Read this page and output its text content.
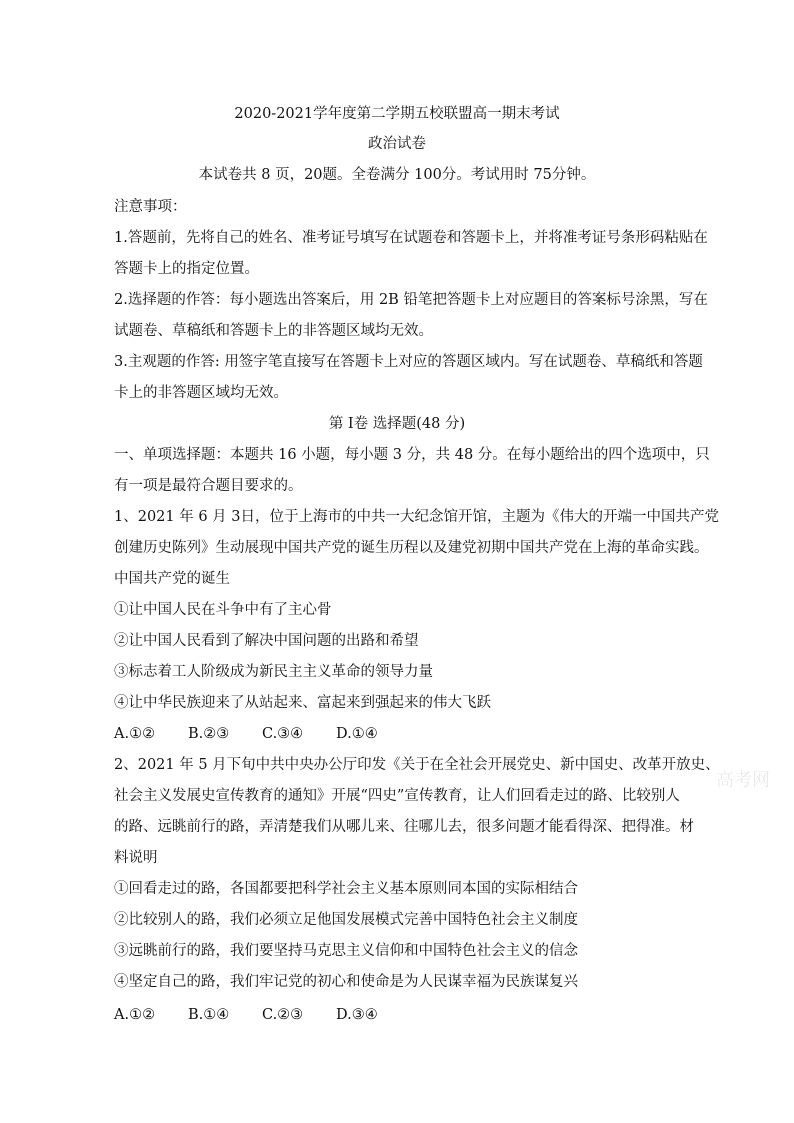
2020-2021学年度第二学期五校联盟高一期末考试
政治试卷
本试卷共 8 页，20题。全卷满分 100分。考试用时 75分钟。
注意事项：
1.答题前，先将自己的姓名、准考证号填写在试题卷和答题卡上，并将准考证号条形码粘贴在
答题卡上的指定位置。
2.选择题的作答：每小题选出答案后，用 2B 铅笔把答题卡上对应题目的答案标号涂黑，写在
试题卷、草稿纸和答题卡上的非答题区域均无效。
3.主观题的作答: 用签字笔直接写在答题卡上对应的答题区域内。写在试题卷、草稿纸和答题
卡上的非答题区域均无效。
第 I卷 选择题(48 分)
一、单项选择题：本题共 16 小题，每小题 3 分，共 48 分。在每小题给出的四个选项中，只
有一项是最符合题目要求的。
1、2021 年 6 月 3日，位于上海市的中共一大纪念馆开馆，主题为《伟大的开端一中国共产党
创建历史陈列》生动展现中国共产党的诞生历程以及建党初期中国共产党在上海的革命实践。
中国共产党的诞生
①让中国人民在斗争中有了主心骨
②让中国人民看到了解决中国问题的出路和希望
③标志着工人阶级成为新民主主义革命的领导力量
④让中华民族迎来了从站起来、富起来到强起来的伟大飞跃
A.①②	B.②③	C.③④	D.①④
2、2021 年 5 月下旬中共中央办公厅印发《关于在全社会开展党史、新中国史、改革开放史、
社会主义发展史宣传教育的通知》开展“四史”宣传教育，让人们回看走过的路、比较别人
的路、远眺前行的路，弄清楚我们从哪儿来、往哪儿去，很多问题才能看得深、把得准。材
料说明
①回看走过的路，各国都要把科学社会主义基本原则同本国的实际相结合
②比较别人的路，我们必须立足他国发展模式完善中国特色社会主义制度
③远眺前行的路，我们要坚持马克思主义信仰和中国特色社会主义的信念
④坚定自己的路，我们牢记党的初心和使命是为人民谋幸福为民族谋复兴
A.①②	B.①④	C.②③	D.③④
高考网
